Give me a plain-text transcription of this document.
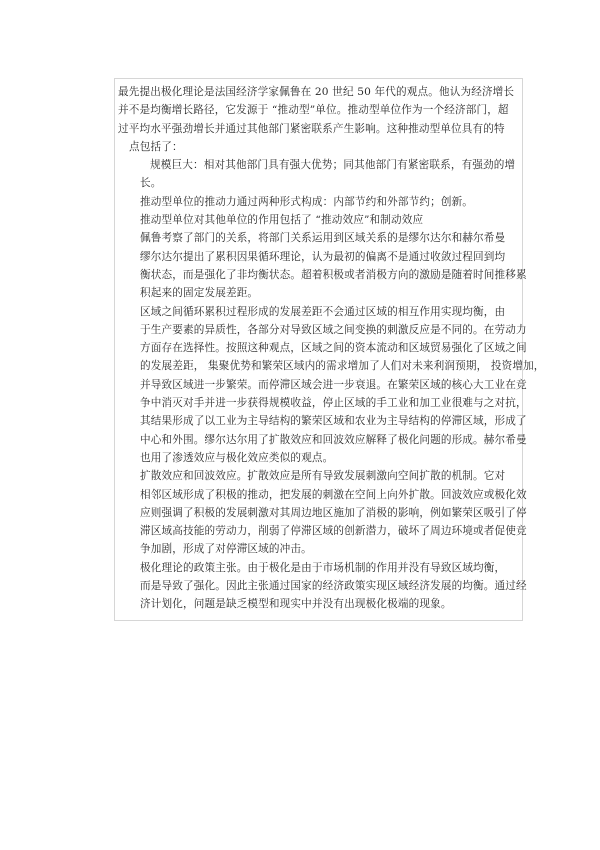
最先提出极化理论是法国经济学家佩鲁在 20 世纪 50 年代的观点。他认为经济增长

并不是均衡增长路径，它发源于 “推动型”单位。推动型单位作为一个经济部门，超

过平均水平强劲增长并通过其他部门紧密联系产生影响。这种推动型单位具有的特

点包括了：

规模巨大：相对其他部门具有强大优势；同其他部门有紧密联系，有强劲的增

长。

推动型单位的推动力通过两种形式构成：内部节约和外部节约；创新。

推动型单位对其他单位的作用包括了 “推动效应”和制动效应

佩鲁考察了部门的关系，将部门关系运用到区域关系的是缪尔达尔和赫尔希曼

缪尔达尔提出了累积因果循环理论，认为最初的偏离不是通过收敛过程回到均

衡状态，而是强化了非均衡状态。超着积极或者消极方向的激励是随着时间推移累

积起来的固定发展差距。

区域之间循环累积过程形成的发展差距不会通过区域的相互作用实现均衡，由

于生产要素的异质性，各部分对导致区域之间变换的刺激反应是不同的。在劳动力

方面存在选择性。按照这种观点，区域之间的资本流动和区域贸易强化了区域之间

的发展差距， 集聚优势和繁荣区域内的需求增加了人们对未来利润预期， 投资增加，

并导致区域进一步繁荣。而停滞区域会进一步衰退。在繁荣区域的核心大工业在竞

争中消灭对手并进一步获得规模收益，停止区域的手工业和加工业很难与之对抗，

其结果形成了以工业为主导结构的繁荣区域和农业为主导结构的停滞区域，形成了

中心和外围。缪尔达尔用了扩散效应和回波效应解释了极化问题的形成。赫尔希曼

也用了渗透效应与极化效应类似的观点。

扩散效应和回波效应。扩散效应是所有导致发展刺激向空间扩散的机制。它对

相邻区域形成了积极的推动，把发展的刺激在空间上向外扩散。回波效应或极化效

应则强调了积极的发展刺激对其周边地区施加了消极的影响，例如繁荣区吸引了停

滞区域高技能的劳动力，削弱了停滞区域的创新潜力，破坏了周边环境或者促使竞

争加剧，形成了对停滞区域的冲击。

极化理论的政策主张。由于极化是由于市场机制的作用并没有导致区域均衡，

而是导致了强化。因此主张通过国家的经济政策实现区域经济发展的均衡。通过经

济计划化，问题是缺乏模型和现实中并没有出现极化极端的现象。
